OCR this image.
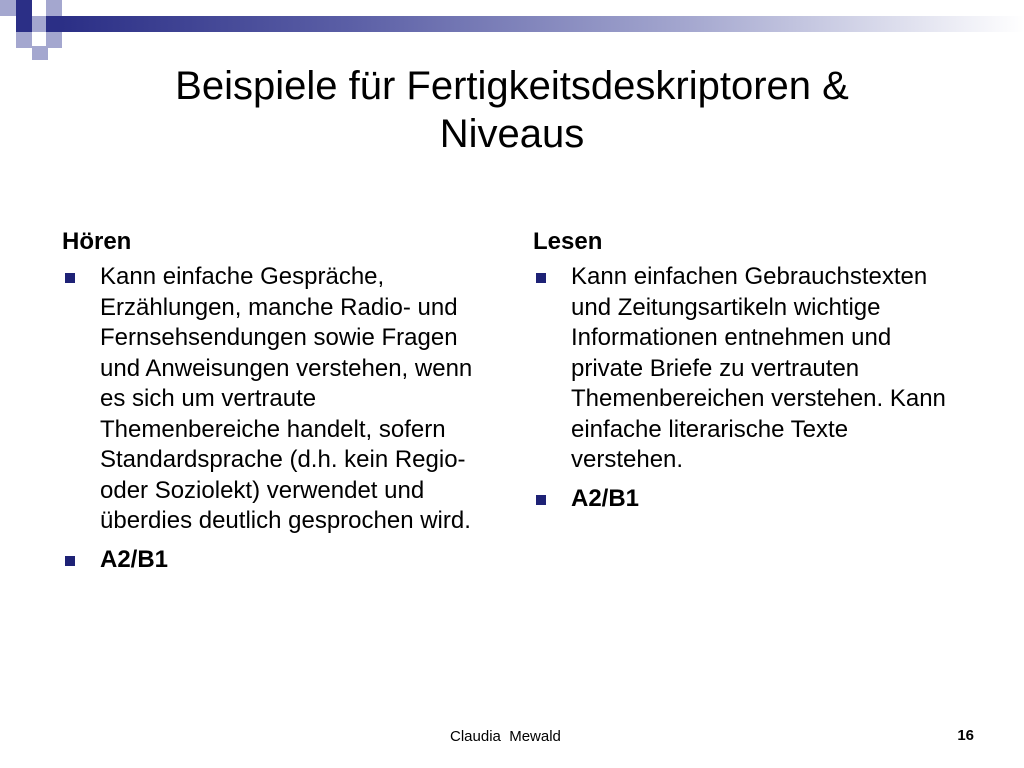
Beispiele für Fertigkeitsdeskriptoren &
Niveaus
Hören
Kann einfache Gespräche, Erzählungen, manche Radio- und Fernsehsendungen sowie Fragen und Anweisungen verstehen, wenn es sich um vertraute Themenbereiche handelt, sofern Standardsprache (d.h. kein Regio- oder Soziolekt) verwendet und überdies deutlich gesprochen wird.
A2/B1
Lesen
Kann einfachen Gebrauchstexten und Zeitungsartikeln wichtige Informationen entnehmen und private Briefe zu vertrauten Themenbereichen verstehen. Kann einfache literarische Texte verstehen.
A2/B1
Claudia  Mewald	16
